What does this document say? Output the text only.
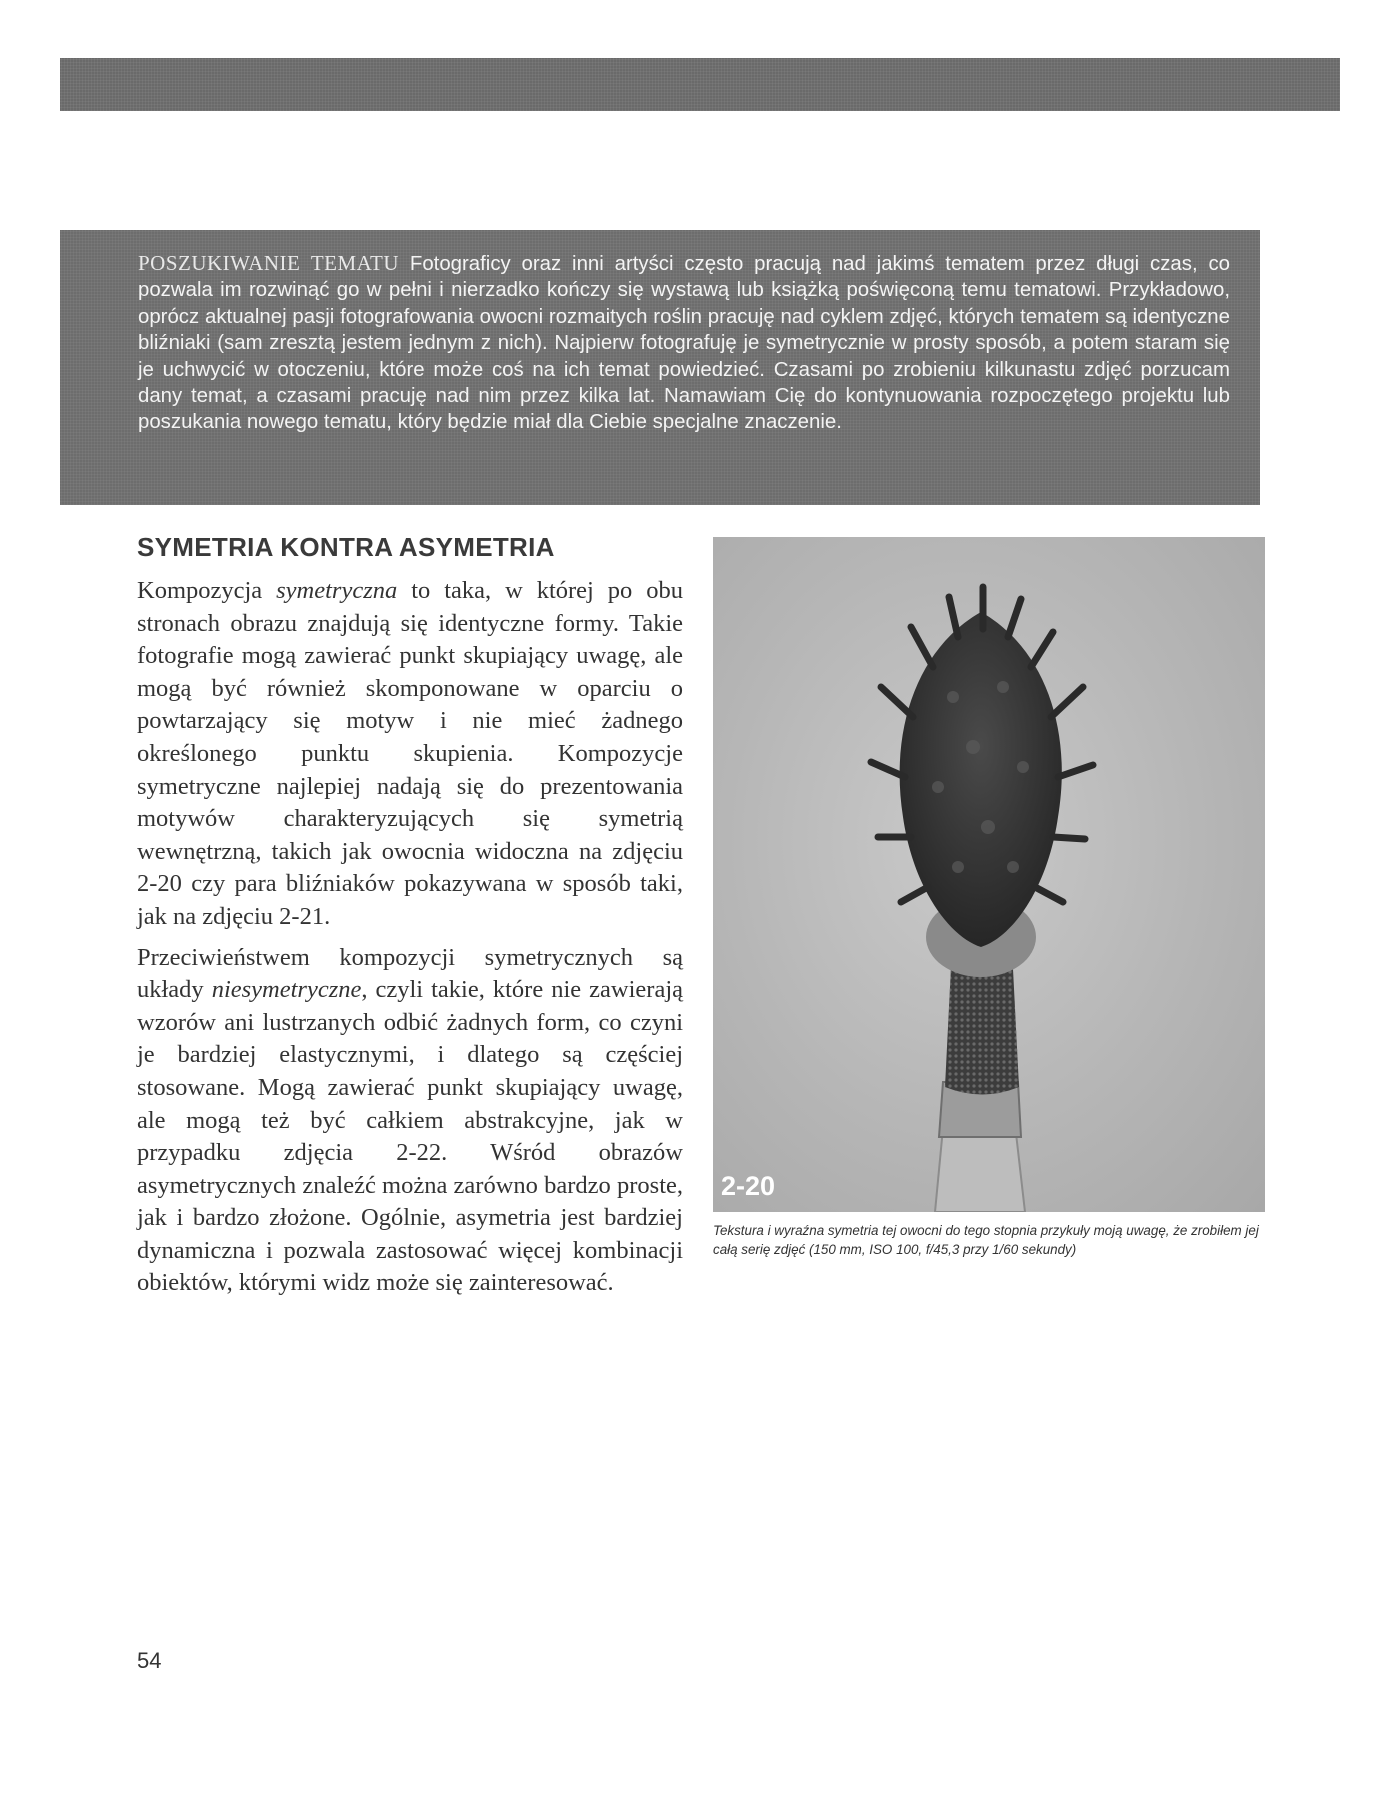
POSZUKIWANIE TEMATU Fotograficy oraz inni artyści często pracują nad jakimś tematem przez długi czas, co pozwala im rozwinąć go w pełni i nierzadko kończy się wystawą lub książką poświęconą temu tematowi. Przykładowo, oprócz aktualnej pasji fotografowania owocni rozmaitych roślin pracuję nad cyklem zdjęć, których tematem są identyczne bliźniaki (sam zresztą jestem jednym z nich). Najpierw fotografuję je symetrycznie w prosty sposób, a potem staram się je uchwycić w otoczeniu, które może coś na ich temat powiedzieć. Czasami po zrobieniu kilkunastu zdjęć porzucam dany temat, a czasami pracuję nad nim przez kilka lat. Namawiam Cię do kontynuowania rozpoczętego projektu lub poszukania nowego tematu, który będzie miał dla Ciebie specjalne znaczenie.
SYMETRIA KONTRA ASYMETRIA

Kompozycja symetryczna to taka, w której po obu stronach obrazu znajdują się identyczne formy. Takie fotografie mogą zawierać punkt skupiający uwagę, ale mogą być również skomponowane w oparciu o powtarzający się motyw i nie mieć żadnego określonego punktu skupienia. Kompozycje symetryczne najlepiej nadają się do prezentowania motywów charakteryzujących się symetrią wewnętrzną, takich jak owocnia widoczna na zdjęciu 2-20 czy para bliźniaków pokazywana w sposób taki, jak na zdjęciu 2-21.

Przeciwieństwem kompozycji symetrycznych są układy niesymetryczne, czyli takie, które nie zawierają wzorów ani lustrzanych odbić żadnych form, co czyni je bardziej elastycznymi, i dlatego są częściej stosowane. Mogą zawierać punkt skupiający uwagę, ale mogą też być całkiem abstrakcyjne, jak w przypadku zdjęcia 2-22. Wśród obrazów asymetrycznych znaleźć można zarówno bardzo proste, jak i bardzo złożone. Ogólnie, asymetria jest bardziej dynamiczna i pozwala zastosować więcej kombinacji obiektów, którymi widz może się zainteresować.

2-20
Tekstura i wyraźna symetria tej owocni do tego stopnia przykuły moją uwagę, że zrobiłem jej całą serię zdjęć (150 mm, ISO 100, f/45,3 przy 1/60 sekundy)
54
